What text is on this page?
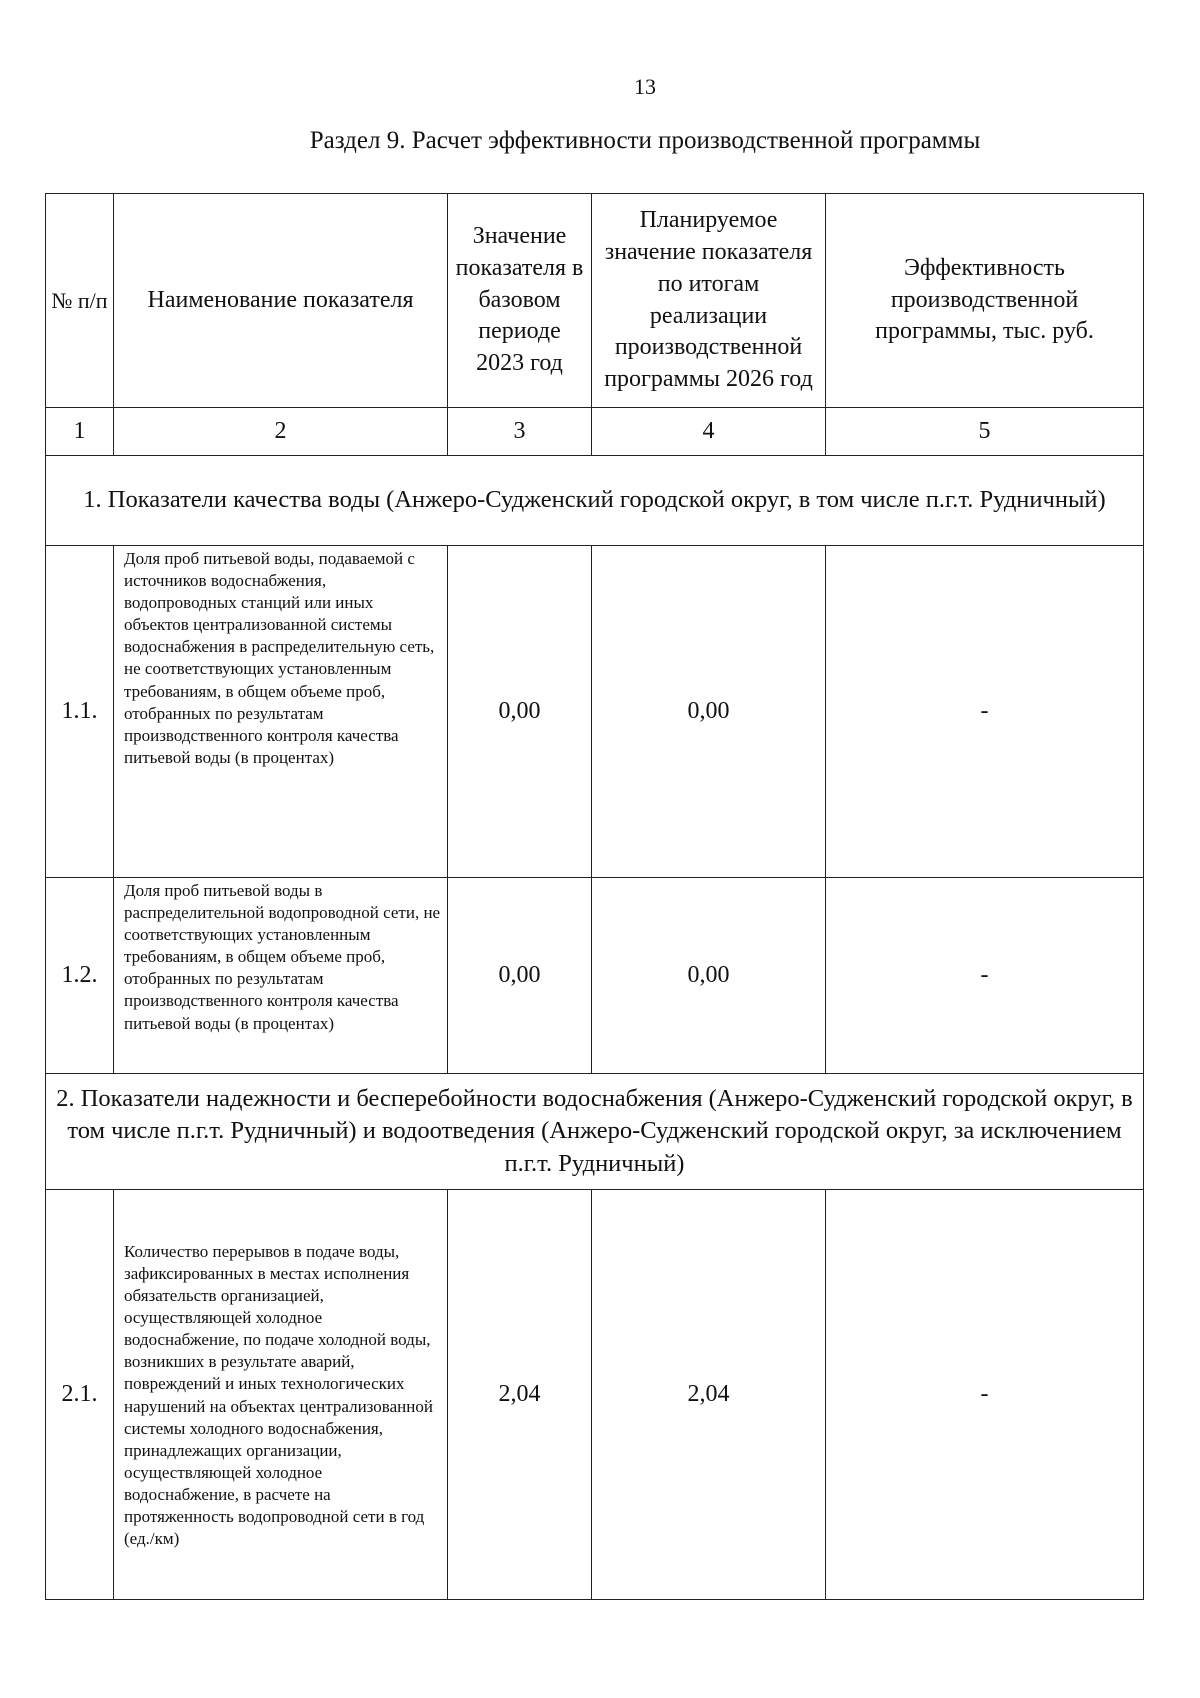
13
Раздел 9. Расчет эффективности производственной программы
№ п/п	Наименование показателя	Значение показателя в базовом периоде 2023 год	Планируемое значение показателя по итогам реализации производственной программы 2026 год	Эффективность производственной программы, тыс. руб.
1	2	3	4	5
1. Показатели качества воды (Анжеро-Судженский городской округ, в том числе п.г.т. Рудничный)				
1.1.	Доля проб питьевой воды, подаваемой с источников водоснабжения, водопроводных станций или иных объектов централизованной системы водоснабжения в распределительную сеть, не соответствующих установленным требованиям, в общем объеме проб, отобранных по результатам производственного контроля качества питьевой воды (в процентах)	0,00	0,00	-
1.2.	Доля проб питьевой воды в распределительной водопроводной сети, не соответствующих установленным требованиям, в общем объеме проб, отобранных по результатам производственного контроля качества питьевой воды (в процентах)	0,00	0,00	-
2. Показатели надежности и бесперебойности водоснабжения (Анжеро-Судженский городской округ, в том числе п.г.т. Рудничный) и водоотведения (Анжеро-Судженский городской округ, за исключением п.г.т. Рудничный)				
2.1.	Количество перерывов в подаче воды, зафиксированных в местах исполнения обязательств организацией, осуществляющей холодное водоснабжение, по подаче холодной воды, возникших в результате аварий, повреждений и иных технологических нарушений на объектах централизованной системы холодного водоснабжения, принадлежащих организации, осуществляющей холодное водоснабжение, в расчете на протяженность водопроводной сети в год (ед./км)	2,04	2,04	-
